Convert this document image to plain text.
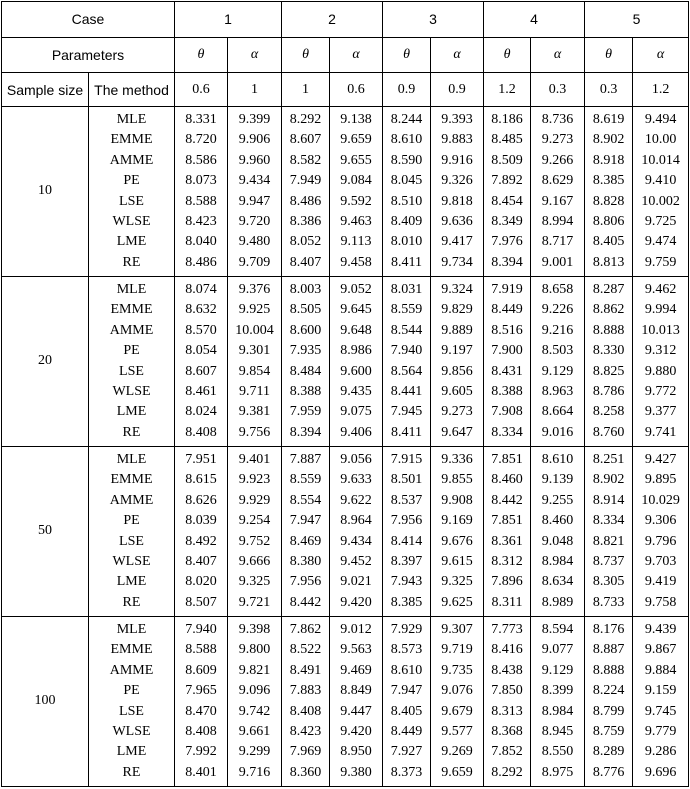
Case		1		2		3		4		5	
Parameters		θ	α	θ	α	θ	α	θ	α	θ	α
Sample size	The method	0.6	1	1	0.6	0.9	0.9	1.2	0.3	0.3	1.2
10	MLE	8.331	9.399	8.292	9.138	8.244	9.393	8.186	8.736	8.619	9.494
	EMME	8.720	9.906	8.607	9.659	8.610	9.883	8.485	9.273	8.902	10.00
	AMME	8.586	9.960	8.582	9.655	8.590	9.916	8.509	9.266	8.918	10.014
	PE	8.073	9.434	7.949	9.084	8.045	9.326	7.892	8.629	8.385	9.410
	LSE	8.588	9.947	8.486	9.592	8.510	9.818	8.454	9.167	8.828	10.002
	WLSE	8.423	9.720	8.386	9.463	8.409	9.636	8.349	8.994	8.806	9.725
	LME	8.040	9.480	8.052	9.113	8.010	9.417	7.976	8.717	8.405	9.474
	RE	8.486	9.709	8.407	9.458	8.411	9.734	8.394	9.001	8.813	9.759
20	MLE	8.074	9.376	8.003	9.052	8.031	9.324	7.919	8.658	8.287	9.462
	EMME	8.632	9.925	8.505	9.645	8.559	9.829	8.449	9.226	8.862	9.994
	AMME	8.570	10.004	8.600	9.648	8.544	9.889	8.516	9.216	8.888	10.013
	PE	8.054	9.301	7.935	8.986	7.940	9.197	7.900	8.503	8.330	9.312
	LSE	8.607	9.854	8.484	9.600	8.564	9.856	8.431	9.129	8.825	9.880
	WLSE	8.461	9.711	8.388	9.435	8.441	9.605	8.388	8.963	8.786	9.772
	LME	8.024	9.381	7.959	9.075	7.945	9.273	7.908	8.664	8.258	9.377
	RE	8.408	9.756	8.394	9.406	8.411	9.647	8.334	9.016	8.760	9.741
50	MLE	7.951	9.401	7.887	9.056	7.915	9.336	7.851	8.610	8.251	9.427
	EMME	8.615	9.923	8.559	9.633	8.501	9.855	8.460	9.139	8.902	9.895
	AMME	8.626	9.929	8.554	9.622	8.537	9.908	8.442	9.255	8.914	10.029
	PE	8.039	9.254	7.947	8.964	7.956	9.169	7.851	8.460	8.334	9.306
	LSE	8.492	9.752	8.469	9.434	8.414	9.676	8.361	9.048	8.821	9.796
	WLSE	8.407	9.666	8.380	9.452	8.397	9.615	8.312	8.984	8.737	9.703
	LME	8.020	9.325	7.956	9.021	7.943	9.325	7.896	8.634	8.305	9.419
	RE	8.507	9.721	8.442	9.420	8.385	9.625	8.311	8.989	8.733	9.758
100	MLE	7.940	9.398	7.862	9.012	7.929	9.307	7.773	8.594	8.176	9.439
	EMME	8.588	9.800	8.522	9.563	8.573	9.719	8.416	9.077	8.887	9.867
	AMME	8.609	9.821	8.491	9.469	8.610	9.735	8.438	9.129	8.888	9.884
	PE	7.965	9.096	7.883	8.849	7.947	9.076	7.850	8.399	8.224	9.159
	LSE	8.470	9.742	8.408	9.447	8.405	9.679	8.313	8.984	8.799	9.745
	WLSE	8.408	9.661	8.423	9.420	8.449	9.577	8.368	8.945	8.759	9.779
	LME	7.992	9.299	7.969	8.950	7.927	9.269	7.852	8.550	8.289	9.286
	RE	8.401	9.716	8.360	9.380	8.373	9.659	8.292	8.975	8.776	9.696
